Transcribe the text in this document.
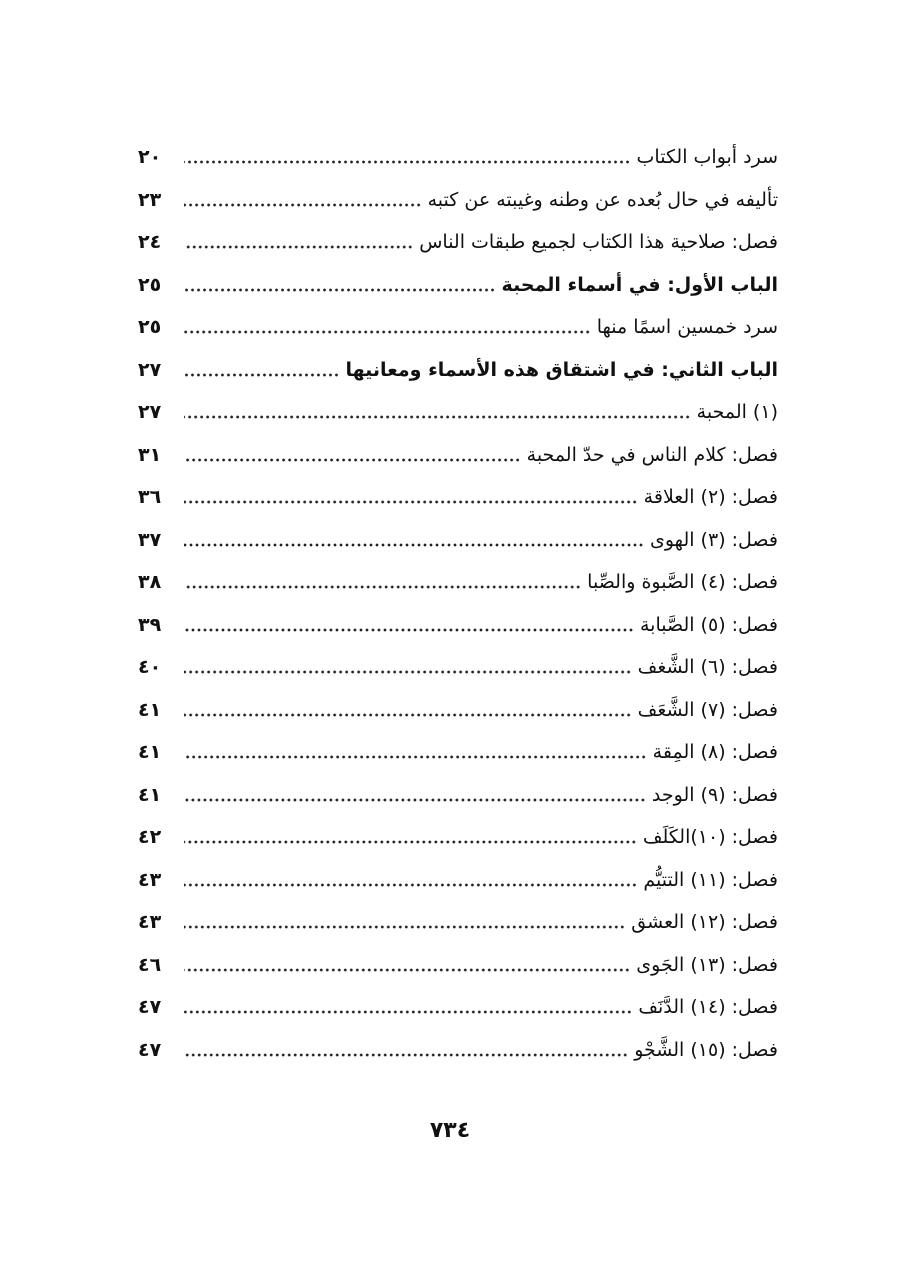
سرد أبواب الكتاب
٢٠
تأليفه في حال بُعده عن وطنه وغيبته عن كتبه
٢٣
فصل: صلاحية هذا الكتاب لجميع طبقات الناس
٢٤
الباب الأول: في أسماء المحبة
٢٥
سرد خمسين اسمًا منها
٢٥
الباب الثاني: في اشتقاق هذه الأسماء ومعانيها
٢٧
(١) المحبة
٢٧
فصل: كلام الناس في حدّ المحبة
٣١
فصل: (٢) العلاقة
٣٦
فصل: (٣) الهوى
٣٧
فصل: (٤) الصَّبوة والصِّبا
٣٨
فصل: (٥) الصَّبابة
٣٩
فصل: (٦) الشَّغف
٤٠
فصل: (٧) الشَّعَف
٤١
فصل: (٨) المِقة
٤١
فصل: (٩) الوجد
٤١
فصل: (١٠)الكَلَف
٤٢
فصل: (١١) التتيُّم
٤٣
فصل: (١٢) العشق
٤٣
فصل: (١٣) الجَوى
٤٦
فصل: (١٤) الدَّنَف
٤٧
فصل: (١٥) الشَّجْو
٤٧
٧٣٤
